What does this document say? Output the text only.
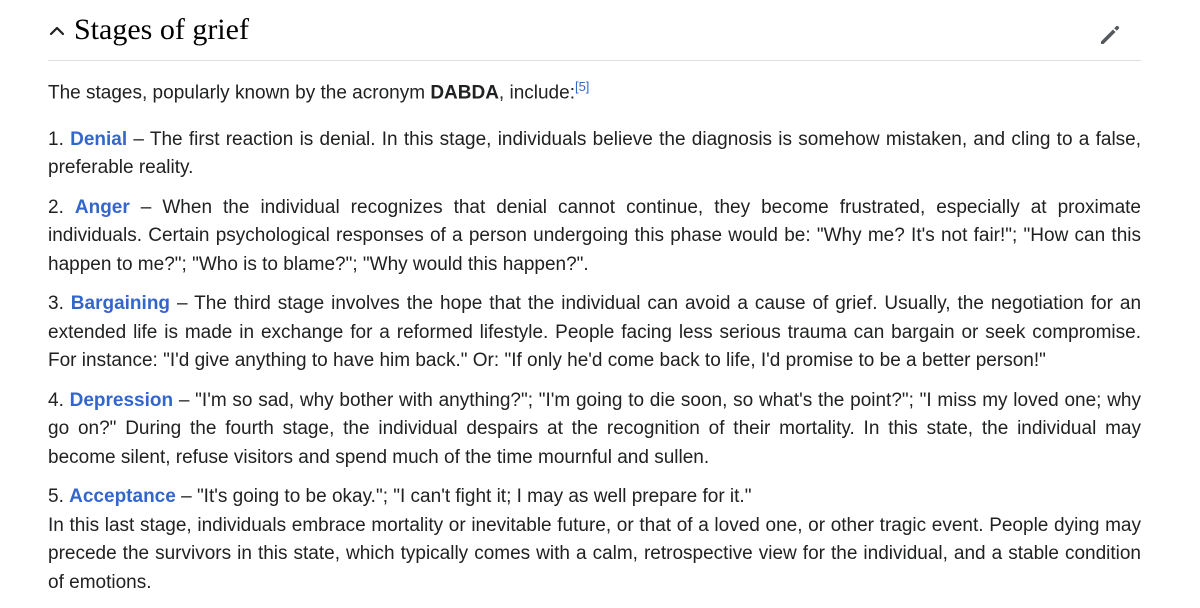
Stages of grief

The stages, popularly known by the acronym DABDA, include:[5]

1. Denial – The first reaction is denial. In this stage, individuals believe the diagnosis is somehow mistaken, and cling to a false, preferable reality.

2. Anger – When the individual recognizes that denial cannot continue, they become frustrated, especially at proximate individuals. Certain psychological responses of a person undergoing this phase would be: "Why me? It's not fair!"; "How can this happen to me?"; "Who is to blame?"; "Why would this happen?".

3. Bargaining – The third stage involves the hope that the individual can avoid a cause of grief. Usually, the negotiation for an extended life is made in exchange for a reformed lifestyle. People facing less serious trauma can bargain or seek compromise. For instance: "I'd give anything to have him back." Or: "If only he'd come back to life, I'd promise to be a better person!"

4. Depression – "I'm so sad, why bother with anything?"; "I'm going to die soon, so what's the point?"; "I miss my loved one; why go on?" During the fourth stage, the individual despairs at the recognition of their mortality. In this state, the individual may become silent, refuse visitors and spend much of the time mournful and sullen.

5. Acceptance – "It's going to be okay."; "I can't fight it; I may as well prepare for it."
In this last stage, individuals embrace mortality or inevitable future, or that of a loved one, or other tragic event. People dying may precede the survivors in this state, which typically comes with a calm, retrospective view for the individual, and a stable condition of emotions.
